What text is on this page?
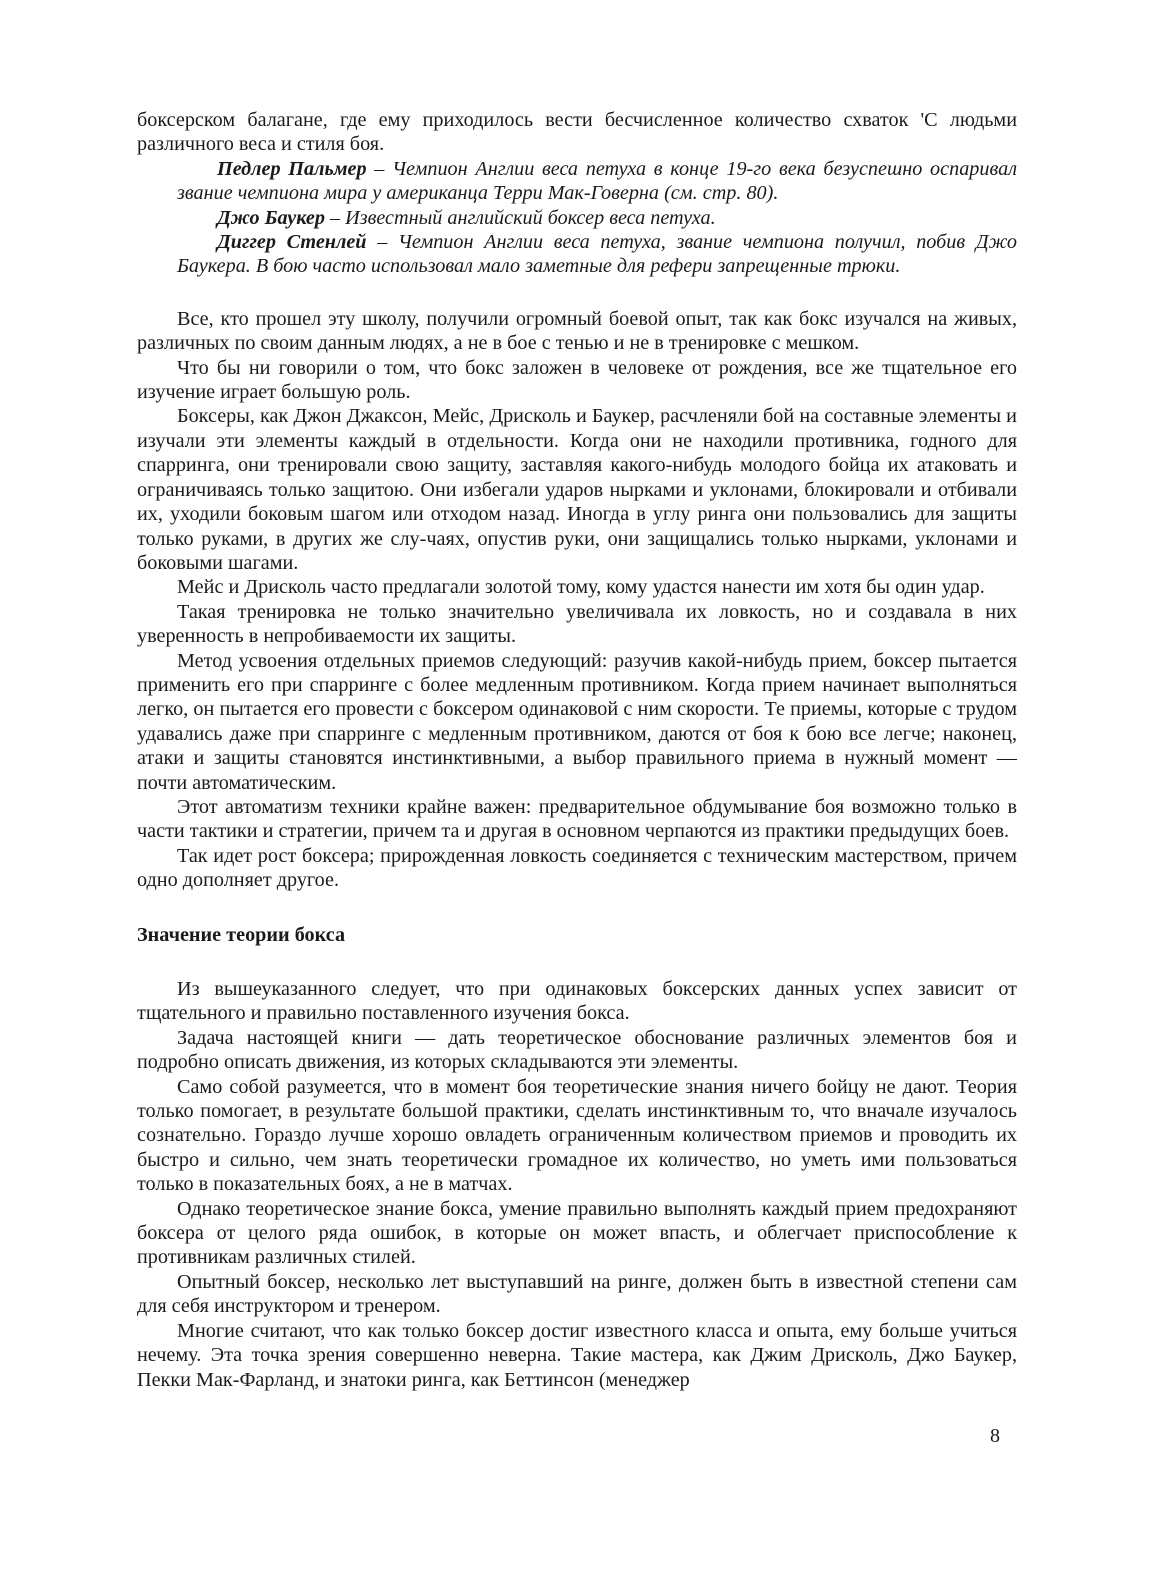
боксерском балагане, где ему приходилось вести бесчисленное количество схваток 'С людьми различного веса и стиля боя.

Педлер Пальмер – Чемпион Англии веса петуха в конце 19-го века безуспешно оспаривал звание чемпиона мира у американца Терри Мак-Говерна (см. стр. 80).

Джо Баукер – Известный английский боксер веса петуха.

Диггер Стенлей – Чемпион Англии веса петуха, звание чемпиона получил, побив Джо Баукера. В бою часто использовал мало заметные для рефери запрещенные трюки.

Все, кто прошел эту школу, получили огромный боевой опыт, так как бокс изучался на живых, различных по своим данным людях, а не в бое с тенью и не в тренировке с мешком.

Что бы ни говорили о том, что бокс заложен в человеке от рождения, все же тщательное его изучение играет большую роль.

Боксеры, как Джон Джаксон, Мейс, Дрисколь и Баукер, расчленяли бой на составные элементы и изучали эти элементы каждый в отдельности. Когда они не находили противника, годного для спарринга, они тренировали свою защиту, заставляя какого-нибудь молодого бойца их атаковать и ограничиваясь только защитою. Они избегали ударов нырками и уклонами, блокировали и отбивали их, уходили боковым шагом или отходом назад. Иногда в углу ринга они пользовались для защиты только руками, в других же слу-чаях, опустив руки, они защищались только нырками, уклонами и боковыми шагами.

Мейс и Дрисколь часто предлагали золотой тому, кому удастся нанести им хотя бы один удар.

Такая тренировка не только значительно увеличивала их ловкость, но и создавала в них уверенность в непробиваемости их защиты.

Метод усвоения отдельных приемов следующий: разучив какой-нибудь прием, боксер пытается применить его при спарринге с более медленным противником. Когда прием начинает выполняться легко, он пытается его провести с боксером одинаковой с ним скорости. Те приемы, которые с трудом удавались даже при спарринге с медленным противником, даются от боя к бою все легче; наконец, атаки и защиты становятся инстинктивными, а выбор правильного приема в нужный момент — почти автоматическим.

Этот автоматизм техники крайне важен: предварительное обдумывание боя возможно только в части тактики и стратегии, причем та и другая в основном черпаются из практики предыдущих боев.

Так идет рост боксера; прирожденная ловкость соединяется с техническим мастерством, причем одно дополняет другое.

Значение теории бокса

Из вышеуказанного следует, что при одинаковых боксерских данных успех зависит от тщательного и правильно поставленного изучения бокса.

Задача настоящей книги — дать теоретическое обоснование различных элементов боя и подробно описать движения, из которых складываются эти элементы.

Само собой разумеется, что в момент боя теоретические знания ничего бойцу не дают. Теория только помогает, в результате большой практики, сделать инстинктивным то, что вначале изучалось сознательно. Гораздо лучше хорошо овладеть ограниченным количеством приемов и проводить их быстро и сильно, чем знать теоретически громадное их количество, но уметь ими пользоваться только в показательных боях, а не в матчах.

Однако теоретическое знание бокса, умение правильно выполнять каждый прием предохраняют боксера от целого ряда ошибок, в которые он может впасть, и облегчает приспособление к противникам различных стилей.

Опытный боксер, несколько лет выступавший на ринге, должен быть в известной степени сам для себя инструктором и тренером.

Многие считают, что как только боксер достиг известного класса и опыта, ему больше учиться нечему. Эта точка зрения совершенно неверна. Такие мастера, как Джим Дрисколь, Джо Баукер, Пекки Мак-Фарланд, и знатоки ринга, как Беттинсон (менеджер

8
